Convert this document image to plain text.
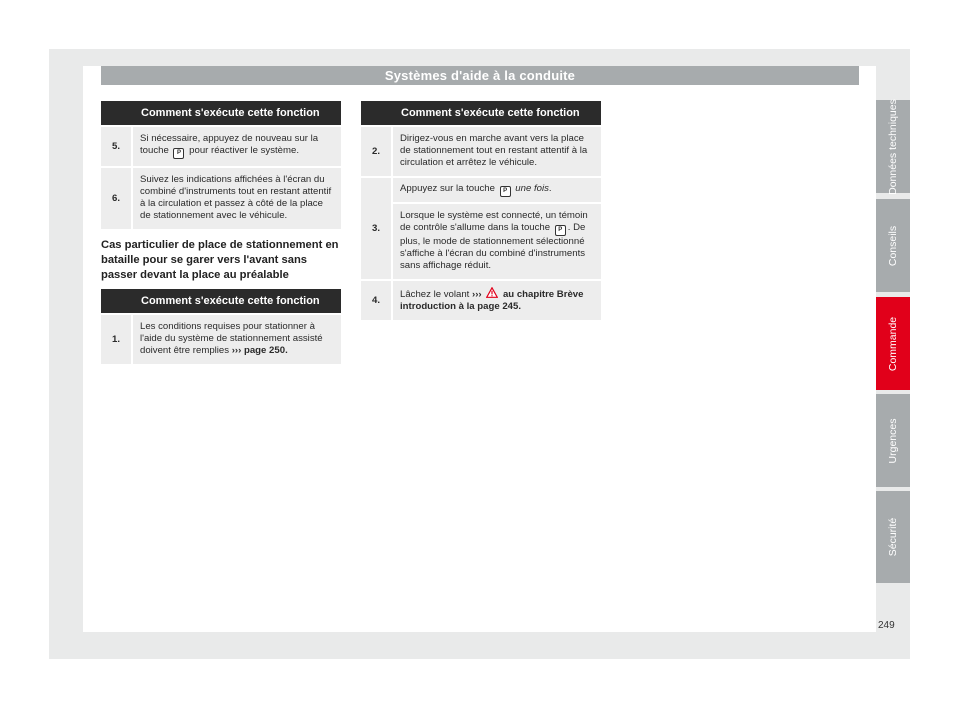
Systèmes d'aide à la conduite
	Comment s'exécute cette fonction
5.	Si nécessaire, appuyez de nouveau sur la touche P pour réactiver le système.
6.	Suivez les indications affichées à l'écran du combiné d'instruments tout en restant attentif à la circulation et passez à côté de la place de stationnement avec le véhicule.
Cas particulier de place de stationnement en bataille pour se garer vers l'avant sans passer devant la place au préalable
	Comment s'exécute cette fonction
1.	Les conditions requises pour stationner à l'aide du système de stationnement assisté doivent être remplies ››› page 250.
	Comment s'exécute cette fonction
2.	Dirigez-vous en marche avant vers la place de stationnement tout en restant attentif à la circulation et arrêtez le véhicule.
3.	Appuyez sur la touche P une fois.
	Lorsque le système est connecté, un témoin de contrôle s'allume dans la touche P . De plus, le mode de stationnement sélectionné s'affiche à l'écran du combiné d'instruments sans affichage réduit.
4.	Lâchez le volant ››› au chapitre Brève introduction à la page 245.
Données techniques
Conseils
Commande
Urgences
Sécurité
249
